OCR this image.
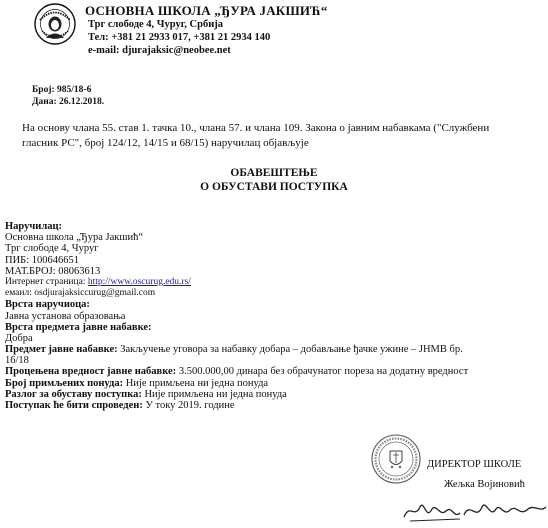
ОСНОВНА ШКОЛА „ЂУРА ЈАКШИЋ“
Трг слободе 4, Чуруг, Србија
Тел: +381 21 2933 017, +381 21 2934 140
e-mail: djurajaksic@neobee.net
Број: 985/18-6
Дана: 26.12.2018.
На основу члана 55. став 1. тачка 10., члана 57. и члана 109. Закона о јавним набавкама ("Службени гласник РС", број 124/12, 14/15 и 68/15) наручилац објављује
ОБАВЕШТЕЊЕ
О ОБУСТАВИ ПОСТУПКА
Наручилац:
Основна школа „Ђура Јакшић“
Трг слободе 4, Чуруг
ПИБ: 100646651
МАТ.БРОЈ: 08063613
Интернет страница: http://www.oscurug.edu.rs/
емаил: osdjurajaksiccurug@gmail.com
Врста наручиоца:
Јавна установа образовања
Врста предмета јавне набавке:
Добра
Предмет јавне набавке: Закључење уговора за набавку добара – добављање ђачке ужине – ЈНМВ бр.
16/18
Процењена вредност јавне набавке: 3.500.000,00 динара без обрачунатог пореза на додатну вредност
Број примљених понуда: Није примљена ни једна понуда
Разлог за обуставу поступка: Није примљена ни једна понуда
Поступак ће бити спроведен: У току 2019. године
ДИРЕКТОР ШКОЛЕ
Жељка Војиновић
